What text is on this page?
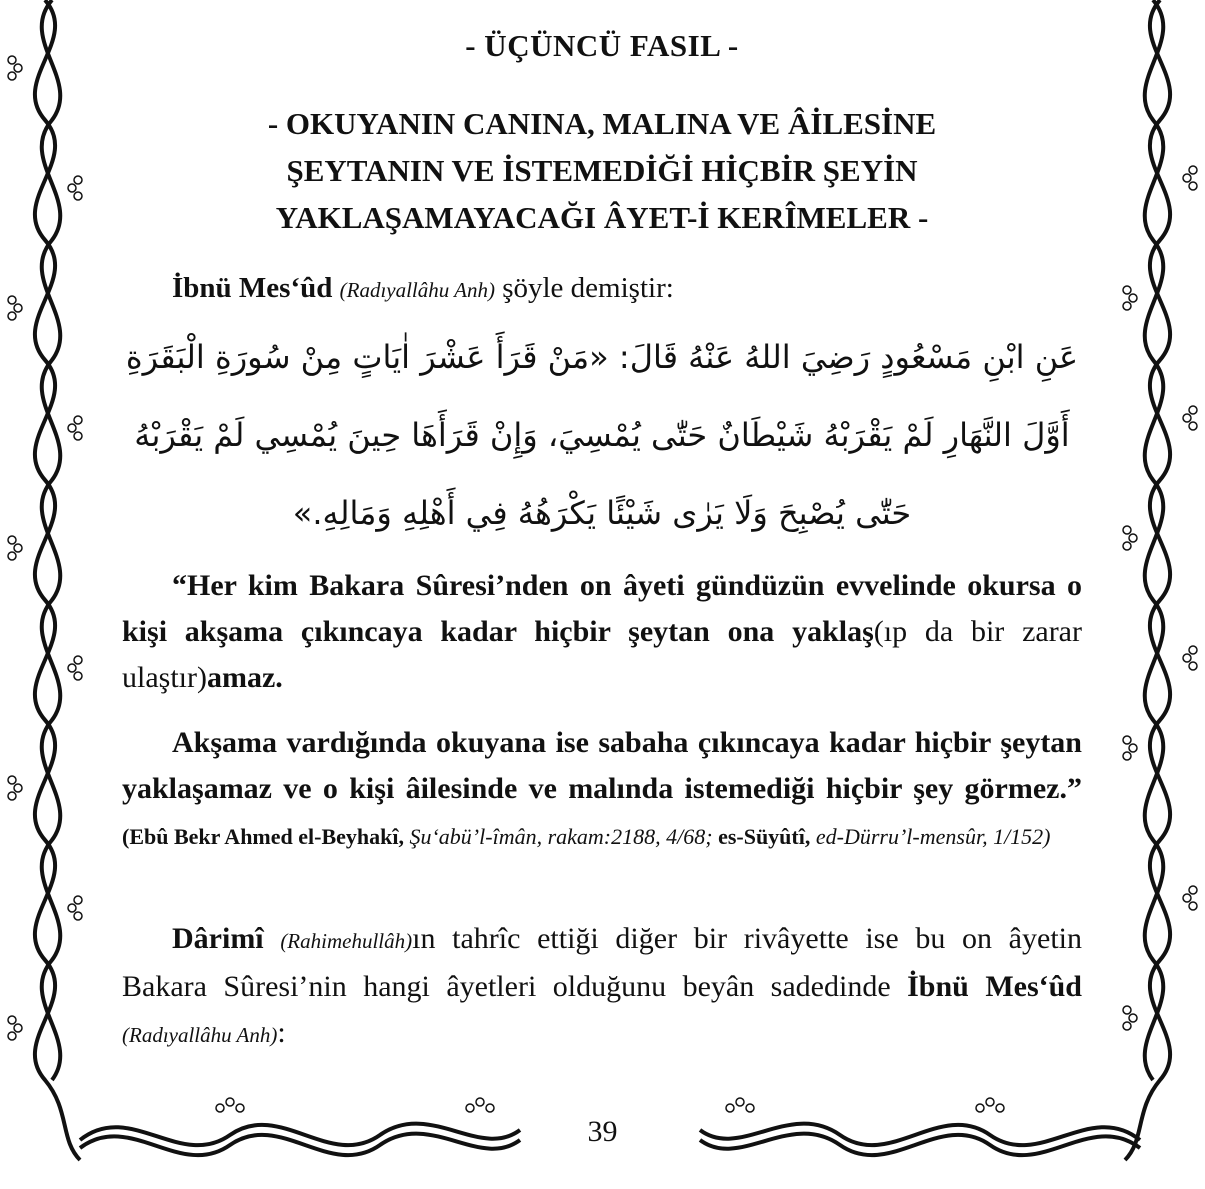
- ÜÇÜNCÜ FASIL -
- OKUYANIN CANINA, MALINA VE ÂİLESİNE
ŞEYTANIN VE İSTEMEDİĞİ HİÇBİR ŞEYİN
YAKLAŞAMAYACAĞI ÂYET-İ KERÎMELER -
İbnü Mes‘ûd (Radıyallâhu Anh) şöyle demiştir:
عَنِ ابْنِ مَسْعُودٍ رَضِيَ اللهُ عَنْهُ قَالَ: «مَنْ قَرَأَ عَشْرَ اٰيَاتٍ مِنْ سُورَةِ الْبَقَرَةِ
أَوَّلَ النَّهَارِ لَمْ يَقْرَبْهُ شَيْطَانٌ حَتّٰى يُمْسِيَ، وَإِنْ قَرَأَهَا حِينَ يُمْسِي لَمْ يَقْرَبْهُ
حَتّٰى يُصْبِحَ وَلَا يَرٰى شَيْئًا يَكْرَهُهُ فِي أَهْلِهِ وَمَالِهِ.»
“Her kim Bakara Sûresi’nden on âyeti gündüzün evvelinde okursa o kişi akşama çıkıncaya kadar hiçbir şeytan ona yaklaş(ıp da bir zarar ulaştır)amaz.
Akşama vardığında okuyana ise sabaha çıkıncaya kadar hiçbir şeytan yaklaşamaz ve o kişi âilesinde ve malında istemediği hiçbir şey görmez.” (Ebû Bekr Ahmed el-Beyhakî, Şu‘abü’l-îmân, rakam:2188, 4/68; es-Süyûtî, ed-Dürru’l-mensûr, 1/152)
Dârimî (Rahimehullâh)ın tahrîc ettiği diğer bir rivâyette ise bu on âyetin Bakara Sûresi’nin hangi âyetleri olduğunu beyân sadedinde İbnü Mes‘ûd (Radıyallâhu Anh):
39
